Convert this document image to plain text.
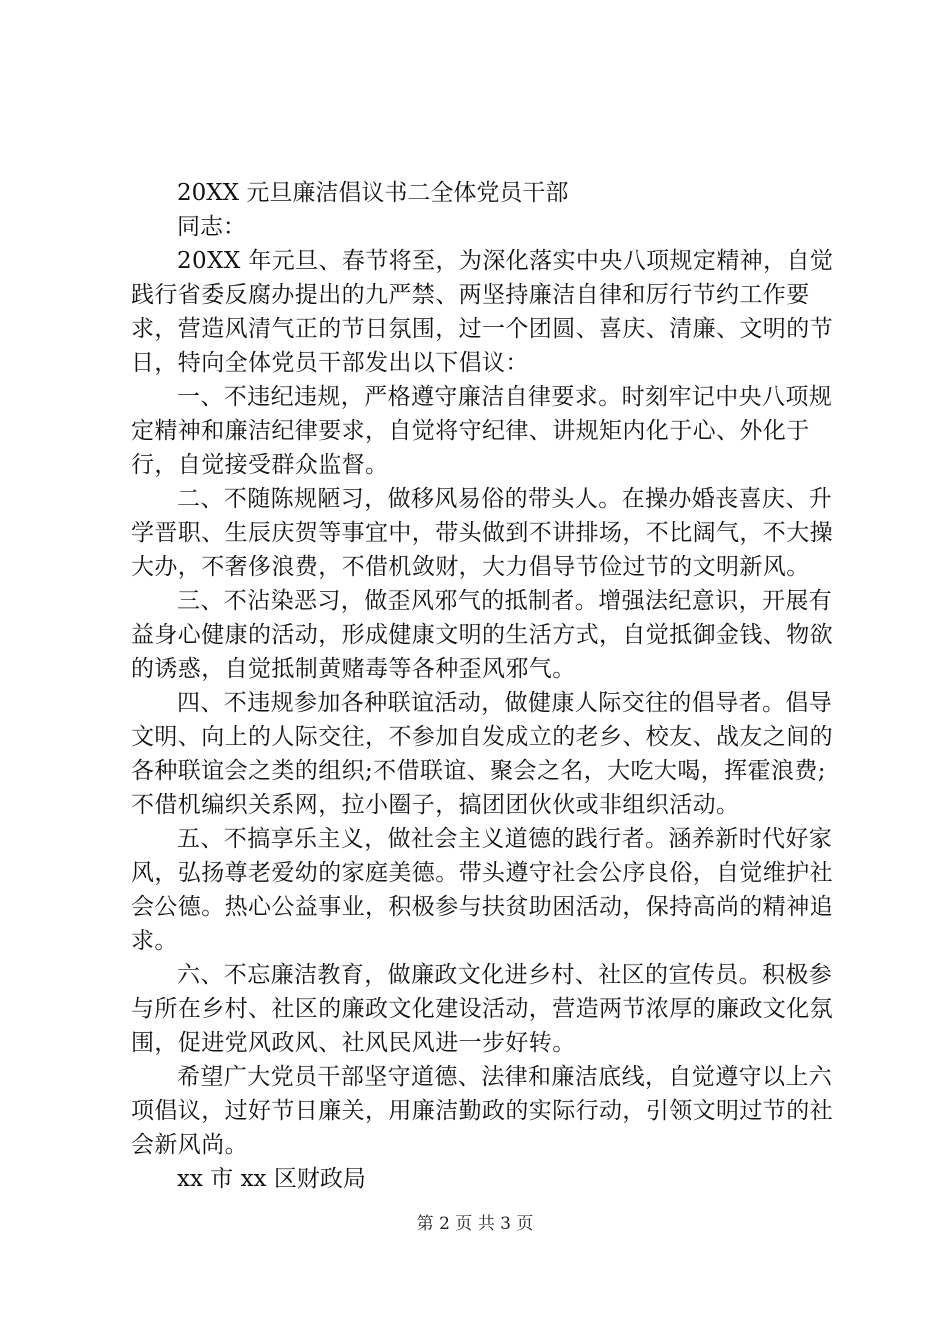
20XX 元旦廉洁倡议书二全体党员干部
同志：

20XX 年元旦、春节将至，为深化落实中央八项规定精神，自觉践行省委反腐办提出的九严禁、两坚持廉洁自律和厉行节约工作要求，营造风清气正的节日氛围，过一个团圆、喜庆、清廉、文明的节日，特向全体党员干部发出以下倡议：

一、不违纪违规，严格遵守廉洁自律要求。时刻牢记中央八项规定精神和廉洁纪律要求，自觉将守纪律、讲规矩内化于心、外化于行，自觉接受群众监督。

二、不随陈规陋习，做移风易俗的带头人。在操办婚丧喜庆、升学晋职、生辰庆贺等事宜中，带头做到不讲排场，不比阔气，不大操大办，不奢侈浪费，不借机敛财，大力倡导节俭过节的文明新风。

三、不沾染恶习，做歪风邪气的抵制者。增强法纪意识，开展有益身心健康的活动，形成健康文明的生活方式，自觉抵御金钱、物欲的诱惑，自觉抵制黄赌毒等各种歪风邪气。

四、不违规参加各种联谊活动，做健康人际交往的倡导者。倡导文明、向上的人际交往，不参加自发成立的老乡、校友、战友之间的各种联谊会之类的组织;不借联谊、聚会之名，大吃大喝，挥霍浪费;不借机编织关系网，拉小圈子，搞团团伙伙或非组织活动。

五、不搞享乐主义，做社会主义道德的践行者。涵养新时代好家风，弘扬尊老爱幼的家庭美德。带头遵守社会公序良俗，自觉维护社会公德。热心公益事业，积极参与扶贫助困活动，保持高尚的精神追求。

六、不忘廉洁教育，做廉政文化进乡村、社区的宣传员。积极参与所在乡村、社区的廉政文化建设活动，营造两节浓厚的廉政文化氛围，促进党风政风、社风民风进一步好转。

希望广大党员干部坚守道德、法律和廉洁底线，自觉遵守以上六项倡议，过好节日廉关，用廉洁勤政的实际行动，引领文明过节的社会新风尚。

xx 市 xx 区财政局
第 2 页 共 3 页
